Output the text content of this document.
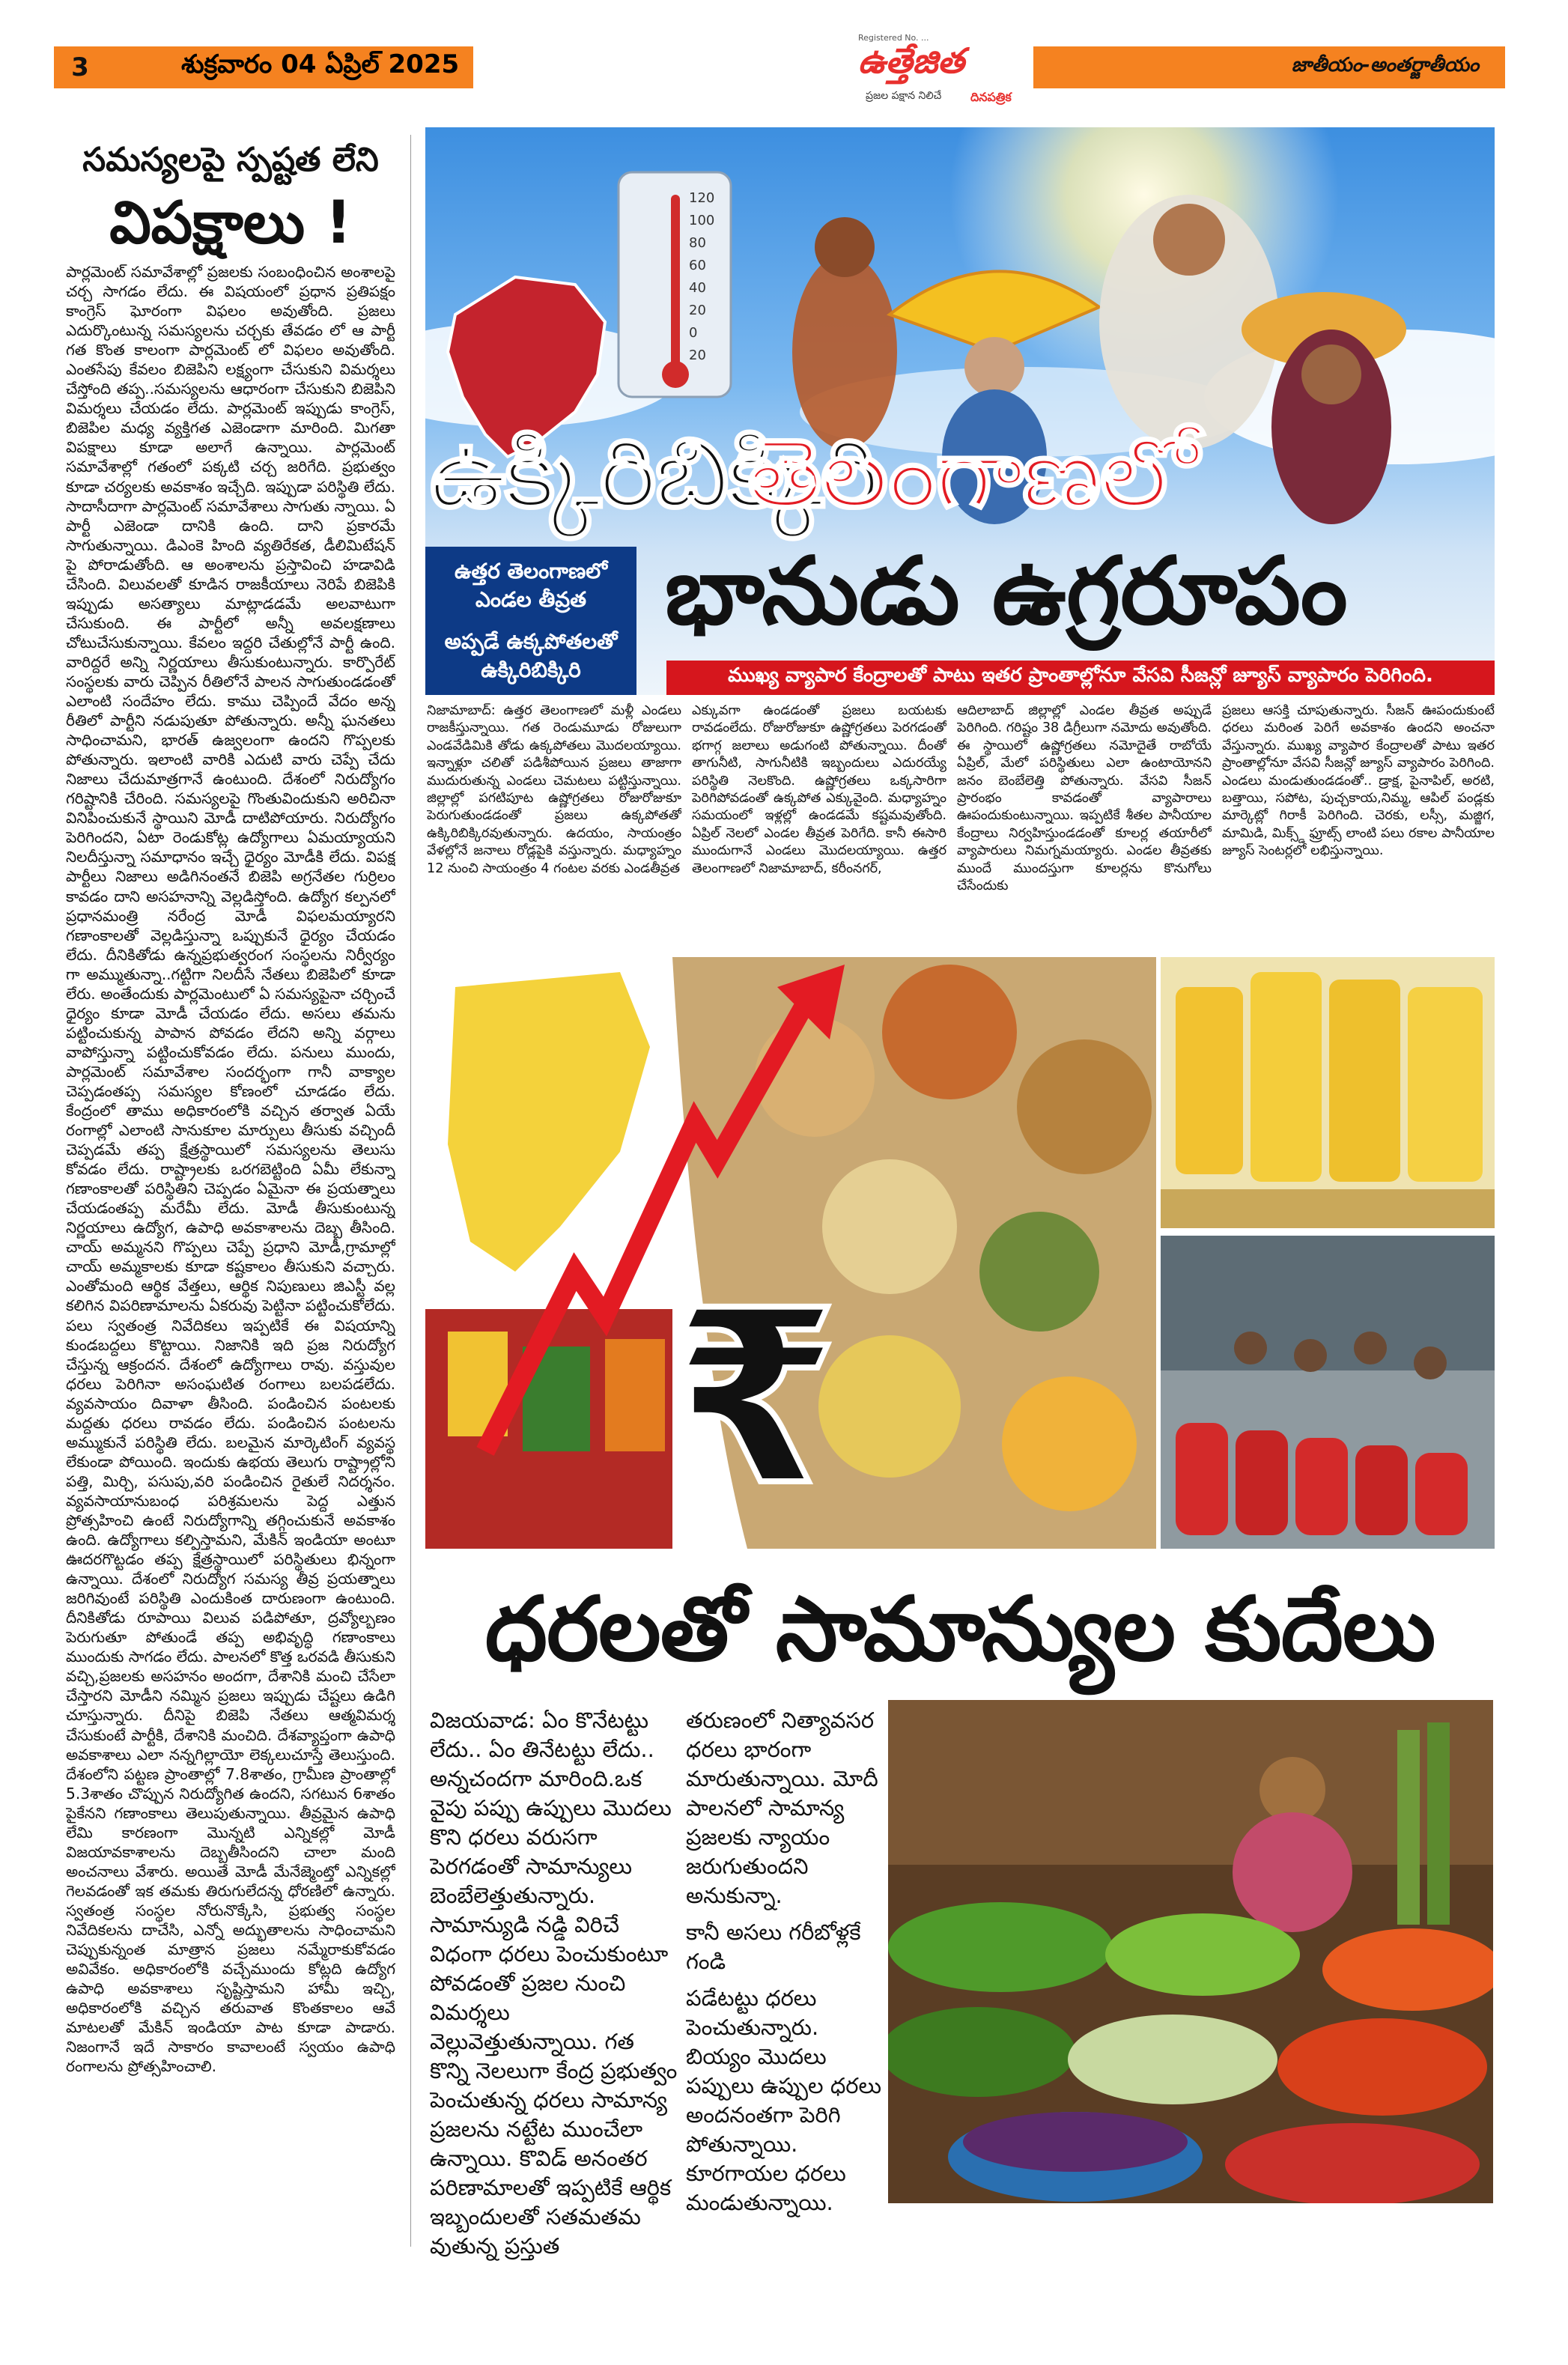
3	శుక్రవారం 04 ఏప్రిల్ 2025
Registered No. ...
ఉత్తేజిత
ప్రజల పక్షాన నిలిచే దినపత్రిక
జాతీయం-అంతర్జాతీయం
సమస్యలపై స్పష్టత లేని
విపక్షాలు !
పార్లమెంట్ సమావేశాల్లో ప్రజలకు సంబంధించిన అంశాలపై చర్చ సాగడం లేదు. ఈ విషయంలో ప్రధాన ప్రతిపక్షం కాంగ్రెస్ ఘోరంగా విఫలం అవుతోంది. ప్రజలు ఎదుర్కొంటున్న సమస్యలను చర్చకు తేవడం లో ఆ పార్టీ గత కొంత కాలంగా పార్లమెంట్ లో విఫలం అవుతోంది. ఎంతసేపు కేవలం బిజెపిని లక్ష్యంగా చేసుకుని విమర్శలు చేస్తోంది తప్ప..సమస్యలను ఆధారంగా చేసుకుని బిజెపిని విమర్శలు చేయడం లేదు. పార్లమెంట్ ఇప్పుడు కాంగ్రెస్, బిజెపిల మధ్య వ్యక్తిగత ఎజెండాగా మారింది. మిగతా విపక్షాలు కూడా అలాగే ఉన్నాయి. పార్లమెంట్ సమావేశాల్లో గతంలో పక్కటి చర్చ జరిగేది. ప్రభుత్వం కూడా చర్యలకు అవకాశం ఇచ్చేది. ఇప్పుడా పరిస్థితి లేదు. సాదాసీదాగా పార్లమెంట్ సమావేశాలు సాగుతు న్నాయి. ఏ పార్టీ ఎజెండా దానికి ఉంది. దాని ప్రకారమే సాగుతున్నాయి. డిఎంకె హింది వ్యతిరేకత, డీలిమిటేషన్ పై పోరాడుతోంది. ఆ అంశాలను ప్రస్తావించి హడావిడి చేసింది. విలువలతో కూడిన రాజకీయాలు నెరిపే బిజెపికి ఇప్పుడు అసత్యాలు మాట్లాడడమే అలవాటుగా చేసుకుంది. ఈ పార్టీలో అన్నీ అవలక్షణాలు చోటుచేసుకున్నాయి. కేవలం ఇద్దరి చేతుల్లోనే పార్టీ ఉంది. వారిద్దరే అన్ని నిర్ణయాలు తీసుకుంటున్నారు. కార్పొరేట్ సంస్థలకు వారు చెప్పిన రీతిలోనే పాలన సాగుతుండడంతో ఎలాంటి సందేహం లేదు. కాము చెప్పిందే వేదం అన్న రీతిలో పార్టీని నడుపుతూ పోతున్నారు. అన్నీ ఘనతలు సాధించామని, భారత్ ఉజ్వలంగా ఉందని గొప్పలకు పోతున్నారు. ఇలాంటి వారికి ఎదుటి వారు చెప్పే చేదు నిజాలు చేదుమాత్రగానే ఉంటుంది. దేశంలో నిరుద్యోగం గరిష్టానికి చేరింది. సమస్యలపై గొంతువిందుకుని అరిచినా వినిపించుకునే స్థాయిని మోడీ దాటిపోయారు. నిరుద్యోగం పెరిగిందని, ఏటా రెండుకోట్ల ఉద్యోగాలు ఏమయ్యాయని నిలదీస్తున్నా సమాధానం ఇచ్చే ధైర్యం మోడీకి లేదు. విపక్ష పార్టీలు నిజాలు అడిగినంతనే బిజెపి అగ్రనేతల గుర్రిలం కావడం దాని అసహనాన్ని వెల్లడిస్తోంది. ఉద్యోగ కల్పనలో ప్రధానమంత్రి నరేంద్ర మోడీ విఫలమయ్యారని గణాంకాలతో వెల్లడిస్తున్నా ఒప్పుకునే ధైర్యం చేయడం లేదు. దీనికితోడు ఉన్నప్రభుత్వరంగ సంస్థలను నిర్వీర్యం గా అమ్ముతున్నా..గట్టిగా నిలదీసే నేతలు బిజెపిలో కూడా లేరు. అంతేందుకు పార్లమెంటులో ఏ సమస్యపైనా చర్చించే ధైర్యం కూడా మోడీ చేయడం లేదు. అసలు తమను పట్టించుకున్న పాపాన పోవడం లేదని అన్ని వర్గాలు వాపోస్తున్నా పట్టించుకోవడం లేదు. పనులు ముందు, పార్లమెంట్ సమావేశాల సందర్భంగా గానీ వాక్యాల చెప్పడంతప్ప సమస్యల కోణంలో చూడడం లేదు. కేంద్రంలో తాము అధికారంలోకి వచ్చిన తర్వాత ఏయే రంగాల్లో ఎలాంటి సానుకూల మార్పులు తీసుకు వచ్చిందీ చెప్పడమే తప్ప క్షేత్రస్థాయిలో సమస్యలను తెలుసు కోవడం లేదు. రాష్ట్రాలకు ఒరగబెట్టింది ఏమీ లేకున్నా గణాంకాలతో పరిస్థితిని చెప్పడం ఏమైనా ఈ ప్రయత్నాలు చేయడంతప్ప మరేమీ లేదు. మోడీ తీసుకుంటున్న నిర్ణయాలు ఉద్యోగ, ఉపాధి అవకాశాలను దెబ్బ తీసింది. చాయ్ అమ్మనని గొప్పలు చెప్పే ప్రధాని మోడీ,గ్రామాల్లో చాయ్ అమ్మకాలకు కూడా కష్టకాలం తీసుకుని వచ్చారు. ఎంతోమంది ఆర్థిక వేత్తలు, ఆర్థిక నిపుణులు జిఎస్టీ వల్ల కలిగిన విపరిణామాలను ఏకరువు పెట్టినా పట్టించుకోలేదు. పలు స్వతంత్ర నివేదికలు ఇప్పటికే ఈ విషయాన్ని కుండబద్దలు కొట్టాయి. నిజానికి ఇది ప్రజ నిరుద్యోగ చేస్తున్న ఆక్రందన. దేశంలో ఉద్యోగాలు రావు. వస్తువుల ధరలు పెరిగినా అసంఘటిత రంగాలు బలపడలేదు. వ్యవసాయం దివాళా తీసింది. పండించిన పంటలకు మద్దతు ధరలు రావడం లేదు. పండించిన పంటలను అమ్ముకునే పరిస్థితి లేదు. బలమైన మార్కెటింగ్ వ్యవస్థ లేకుండా పోయింది. ఇందుకు ఉభయ తెలుగు రాష్ట్రాల్లోని పత్తి, మిర్చి, పసుపు,వరి పండించిన రైతులే నిదర్శనం. వ్యవసాయానుబంధ పరిశ్రమలను పెద్ద ఎత్తున ప్రోత్సహించి ఉంటే నిరుద్యోగాన్ని తగ్గించుకునే అవకాశం ఉంది. ఉద్యోగాలు కల్పిస్తామని, మేకిన్ ఇండియా అంటూ ఊదరగొట్టడం తప్ప క్షేత్రస్థాయిలో పరిస్థితులు భిన్నంగా ఉన్నాయి. దేశంలో నిరుద్యోగ సమస్య తీవ్ర ప్రయత్నాలు జరిగివుంటే పరిస్థితి ఎందుకింత దారుణంగా ఉంటుంది. దీనికితోడు రూపాయి విలువ పడిపోతూ, ద్రవ్యోల్బణం పెరుగుతూ పోతుండే తప్ప అభివృద్ధి గణాంకాలు ముందుకు సాగడం లేదు. పాలనలో కొత్త ఒరవడి తీసుకుని వచ్చి,ప్రజలకు అసహనం అందగా, దేశానికి మంచి చేసేలా చేస్తారని మోడీని నమ్మిన ప్రజలు ఇప్పుడు చేష్టలు ఉడిగి చూస్తున్నారు. దీనిపై బిజెపి నేతలు ఆత్మవిమర్శ చేసుకుంటే పార్టీకి, దేశానికి మంచిది. దేశవ్యాప్తంగా ఉపాధి అవకాశాలు ఎలా నన్నగిల్లాయో లెక్కలుచూస్తే తెలుస్తుంది. దేశంలోని పట్టణ ప్రాంతాల్లో 7.8శాతం, గ్రామీణ ప్రాంతాల్లో 5.3శాతం చొప్పున నిరుద్యోగిత ఉందని, సగటున 6శాతం పైకేనని గణాంకాలు తెలుపుతున్నాయి. తీవ్రమైన ఉపాధి లేమి కారణంగా మొన్నటి ఎన్నికల్లో మోడీ విజయావకాశాలను దెబ్బతీసిందని చాలా మంది అంచనాలు వేశారు. అయితే మోడీ మేనేజ్మెంట్తో ఎన్నికల్లో గెలవడంతో ఇక తమకు తిరుగులేదన్న ధోరణిలో ఉన్నారు. స్వతంత్ర సంస్థల నోరునొక్కేసి, ప్రభుత్వ సంస్థల నివేదికలను దాచేసి, ఎన్నో అద్భుతాలను సాధించామని చెప్పుకున్నంత మాత్రాన ప్రజలు నమ్మేరాకుకోవడం అవివేకం. అధికారంలోకి వచ్చేముందు కోట్లది ఉద్యోగ ఉపాధి అవకాశాలు సృష్టిస్తామని హామీ ఇచ్చి, అధికారంలోకి వచ్చిన తరువాత కొంతకాలం ఆవే మాటలతో మేకిన్ ఇండియా పాట కూడా పాడారు. నిజంగానే ఇదే సాకారం కావాలంటే స్వయం ఉపాధి రంగాలను ప్రోత్సహించాలి.
120
100
80
60
40
20
0
20
ఉక్కిరిబిక్కిరి
తెలంగాణలో
భానుడు ఉగ్రరూపం
ఉత్తర తెలంగాణలో
ఎండల తీవ్రత
అప్పడే ఉక్కపోతలతో
ఉక్కిరిబిక్కిరి	ముఖ్య వ్యాపార కేంద్రాలతో పాటు ఇతర ప్రాంతాల్లోనూ వేసవి సీజన్లో జ్యూస్ వ్యాపారం పెరిగింది.
నిజామాబాద్: ఉత్తర తెలంగాణలో మళ్లీ ఎండలు రాజకీస్తున్నాయి. గత రెండుమూడు రోజులుగా ఎండవేడిమికి తోడు ఉక్కపోతలు మొదలయ్యాయి. ఇన్నాళ్లూ చలితో పడిశీపోయిన ప్రజలు తాజాగా ముదురుతున్న ఎండలు చెమటలు పట్టిస్తున్నాయి. జిల్లాల్లో పగటిపూట ఉష్ణోగ్రతలు రోజురోజుకూ పెరుగుతుండడంతో ప్రజలు ఉక్కపోతతో ఉక్కిరిబిక్కిరవుతున్నారు. ఉదయం, సాయంత్రం వేళల్లోనే జనాలు రోడ్లపైకి వస్తున్నారు. మధ్యాహ్నం 12 నుంచి సాయంత్రం 4 గంటల వరకు ఎండతీవ్రత
ఎక్కువగా ఉండడంతో ప్రజలు బయటకు రావడంలేదు. రోజురోజుకూ ఉష్ణోగ్రతలు పెరగడంతో భగాగ్గ జలాలు అడుగంటి పోతున్నాయి. దీంతో తాగునీటి, సాగునీటికి ఇబ్బందులు ఎదురయ్యే పరిస్థితి నెలకొంది. ఉష్ణోగ్రతలు ఒక్కసారిగా పెరిగిపోవడంతో ఉక్కపోత ఎక్కువైంది. మధ్యాహ్నం సమయంలో ఇళ్లల్లో ఉండడమే కష్టమవుతోంది. ఏప్రిల్ నెలలో ఎండల తీవ్రత పెరిగేది. కానీ ఈసారి ముందుగానే ఎండలు మొదలయ్యాయి. ఉత్తర తెలంగాణలో నిజామాబాద్, కరీంనగర్,
ఆదిలాబాద్ జిల్లాల్లో ఎండల తీవ్రత అప్పుడే పెరిగింది. గరిష్టం 38 డిగ్రీలుగా నమోదు అవుతోంది. ఈ స్థాయిలో ఉష్ణోగ్రతలు నమోదైతే రాబోయే ఏప్రిల్, మేలో పరిస్థితులు ఎలా ఉంటాయోనని జనం బెంబేలెత్తి పోతున్నారు. వేసవి సీజన్ ప్రారంభం కావడంతో వ్యాపారాలు ఊపందుకుంటున్నాయి. ఇప్పటికే శీతల పానీయాల కేంద్రాలు నిర్వహిస్తుండడంతో కూలర్ల తయారీలో వ్యాపారులు నిమగ్నమయ్యారు. ఎండల తీవ్రతకు ముందే ముందస్తుగా కూలర్లను కొనుగోలు చేసేందుకు
ప్రజలు ఆసక్తి చూపుతున్నారు. సీజన్ ఊపందుకుంటే ధరలు మరింత పెరిగే అవకాశం ఉందని అంచనా వేస్తున్నారు. ముఖ్య వ్యాపార కేంద్రాలతో పాటు ఇతర ప్రాంతాల్లోనూ వేసవి సీజన్లో జ్యూస్ వ్యాపారం పెరిగింది. ఎండలు మండుతుండడంతో.. డ్రాక్ష, పైనాపిల్, అరటి, బత్తాయి, సపోట, పుచ్చకాయ,నిమ్మ, ఆపిల్ పండ్లకు మార్కెట్లో గిరాకీ పెరిగింది. చెరకు, లస్సీ, మజ్జిగ, మామిడి, మిక్స్డ్ ఫ్రూట్స్ లాంటి పలు రకాల పానీయాల జ్యూస్ సెంటర్లలో లభిస్తున్నాయి.
₹
ధరలతో సామాన్యుల కుదేలు
విజయవాడ: ఏం కొనేటట్టు లేదు.. ఏం తినేటట్టు లేదు.. అన్నచందగా మారింది.ఒక వైపు పప్పు ఉప్పులు మొదలు కొని ధరలు వరుసగా పెరగడంతో సామాన్యులు బెంబేలెత్తుతున్నారు. సామాన్యుడి నడ్డి విరిచే విధంగా ధరలు పెంచుకుంటూ పోవడంతో ప్రజల నుంచి విమర్శలు వెల్లువెత్తుతున్నాయి. గత కొన్ని నెలలుగా కేంద్ర ప్రభుత్వం పెంచుతున్న ధరలు సామాన్య ప్రజలను నట్టేట ముంచేలా ఉన్నాయి. కొవిడ్ అనంతర పరిణామాలతో ఇప్పటికే ఆర్థిక ఇబ్బందులతో సతమతమ వుతున్న ప్రస్తుత

తరుణంలో నిత్యావసర ధరలు భారంగా మారుతున్నాయి. మోదీ పాలనలో సామాన్య ప్రజలకు న్యాయం జరుగుతుందని అనుకున్నా.

కానీ అసలు గరీబోళ్లకే గండి

పడేటట్టు ధరలు పెంచుతున్నారు. బియ్యం మొదలు పప్పులు ఉప్పుల ధరలు అందనంతగా పెరిగి పోతున్నాయి. కూరగాయల ధరలు మండుతున్నాయి.
